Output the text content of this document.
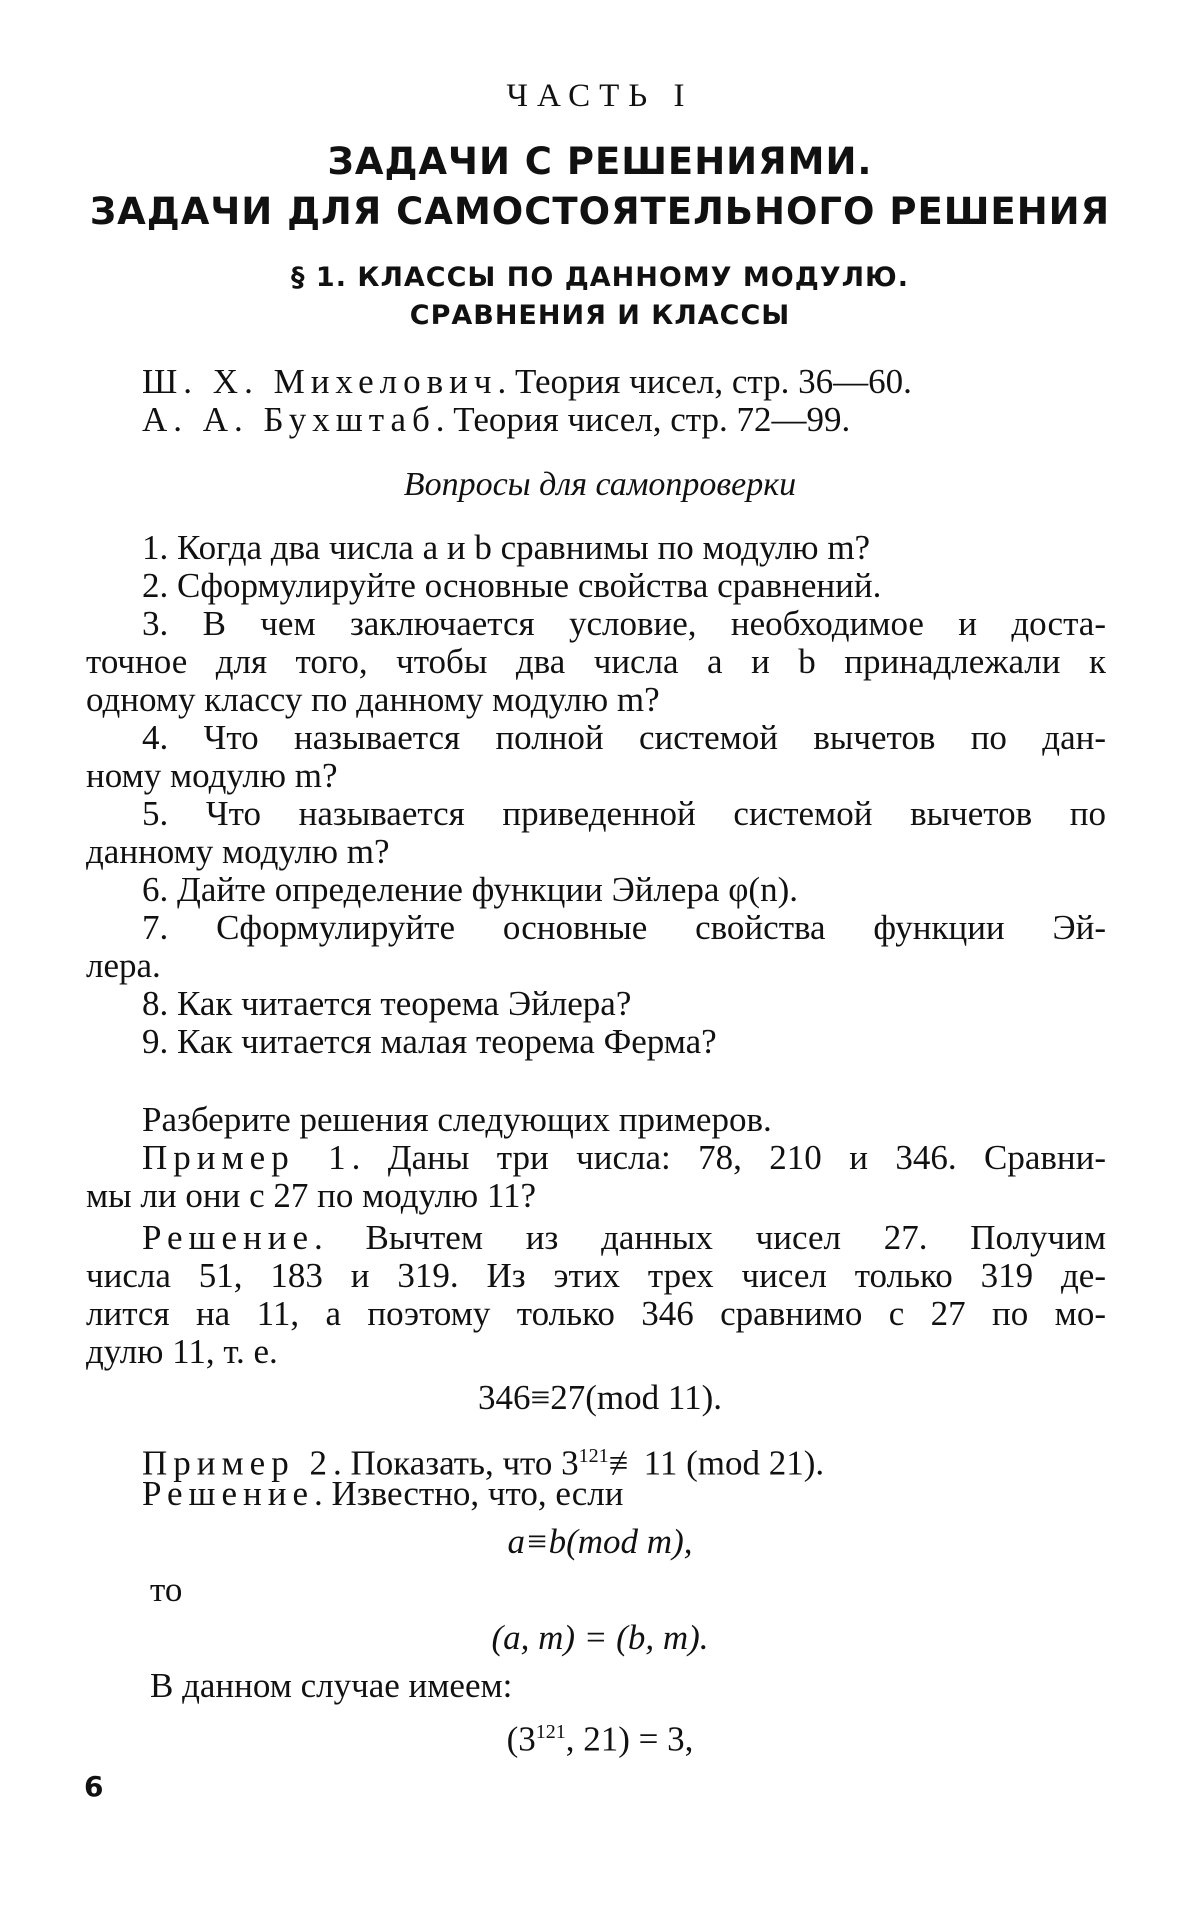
ЧАСТЬ I
ЗАДАЧИ С РЕШЕНИЯМИ.
ЗАДАЧИ ДЛЯ САМОСТОЯТЕЛЬНОГО РЕШЕНИЯ
§ 1. КЛАССЫ ПО ДАННОМУ МОДУЛЮ.
СРАВНЕНИЯ И КЛАССЫ
Ш. Х. Михелович. Теория чисел, стр. 36—60.
А. А. Бухштаб. Теория чисел, стр. 72—99.
Вопросы для самопроверки
1. Когда два числа a и b сравнимы по модулю m?
2. Сформулируйте основные свойства сравнений.
3. В чем заключается условие, необходимое и доста-
точное для того, чтобы два числа a и b принадлежали к
одному классу по данному модулю m?
4. Что называется полной системой вычетов по дан-
ному модулю m?
5. Что называется приведенной системой вычетов по
данному модулю m?
6. Дайте определение функции Эйлера φ(n).
7. Сформулируйте основные свойства функции Эй-
лера.
8. Как читается теорема Эйлера?
9. Как читается малая теорема Ферма?
Разберите решения следующих примеров.
Пример 1. Даны три числа: 78, 210 и 346. Сравни-
мы ли они с 27 по модулю 11?
Решение. Вычтем из данных чисел 27. Получим
числа 51, 183 и 319. Из этих трех чисел только 319 де-
лится на 11, а поэтому только 346 сравнимо с 27 по мо-
дулю 11, т. е.
346≡27(mod 11).
Пример 2. Показать, что $3^{121}≢11$ (mod 21).
Решение. Известно, что, если
a≡b(mod m),
то
(a, m) = (b, m).
В данном случае имеем:
($3^{121}$, 21) = 3,
6
